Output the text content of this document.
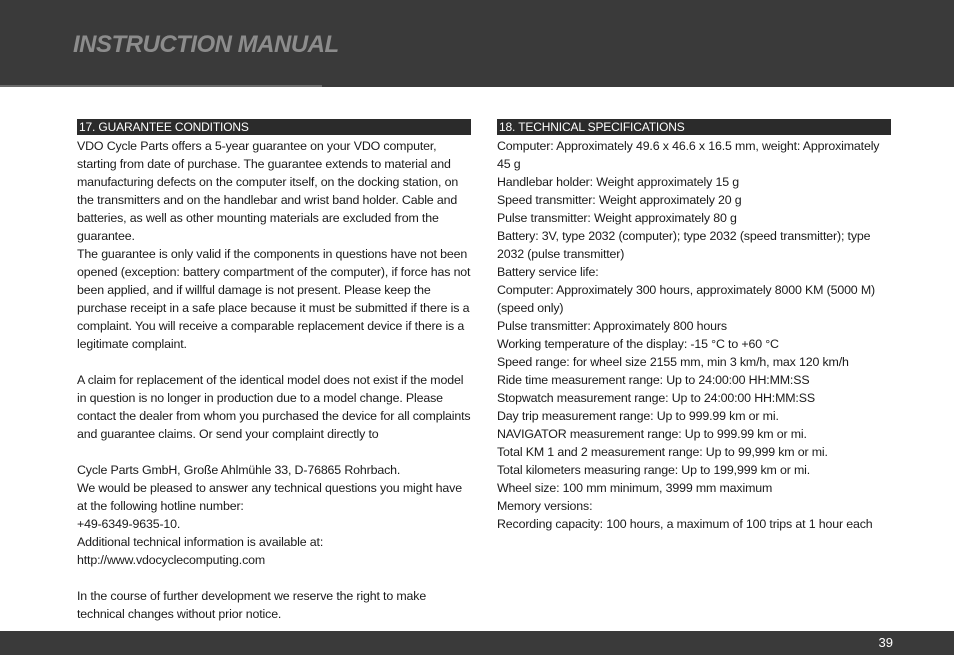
INSTRUCTION MANUAL
17. GUARANTEE CONDITIONS
VDO Cycle Parts offers a 5-year guarantee on your VDO computer, starting from date of purchase. The guarantee extends to material and manufacturing defects on the computer itself, on the docking station, on the transmitters and on the handlebar and wrist band holder. Cable and batteries, as well as other mounting materials are excluded from the guarantee.
The guarantee is only valid if the components in questions have not been opened (exception: battery compartment of the computer), if force has not been applied, and if willful damage is not present. Please keep the purchase receipt in a safe place because it must be submitted if there is a complaint. You will receive a comparable replacement device if there is a legitimate complaint.
A claim for replacement of the identical model does not exist if the model in question is no longer in production due to a model change. Please contact the dealer from whom you purchased the device for all complaints and guarantee claims. Or send your complaint directly to
Cycle Parts GmbH, Große Ahlmühle 33, D-76865 Rohrbach.
We would be pleased to answer any technical questions you might have at the following hotline number:
+49-6349-9635-10.
Additional technical information is available at:
http://www.vdocyclecomputing.com
In the course of further development we reserve the right to make technical changes without prior notice.
18. TECHNICAL SPECIFICATIONS
Computer: Approximately 49.6 x 46.6 x 16.5 mm, weight: Approximately 45 g
Handlebar holder: Weight approximately 15 g
Speed transmitter: Weight approximately 20 g
Pulse transmitter: Weight approximately 80 g
Battery: 3V, type 2032 (computer); type 2032 (speed transmitter); type 2032 (pulse transmitter)
Battery service life:
Computer: Approximately 300 hours, approximately 8000 KM (5000 M) (speed only)
Pulse transmitter: Approximately 800 hours
Working temperature of the display: -15 °C to +60 °C
Speed range: for wheel size 2155 mm, min 3 km/h, max 120 km/h
Ride time measurement range: Up to 24:00:00 HH:MM:SS
Stopwatch measurement range: Up to 24:00:00 HH:MM:SS
Day trip measurement range: Up to 999.99 km or mi.
NAVIGATOR measurement range: Up to 999.99 km or mi.
Total KM 1 and 2 measurement range: Up to 99,999 km or mi.
Total kilometers measuring range: Up to 199,999 km or mi.
Wheel size: 100 mm minimum, 3999 mm maximum
Memory versions:
Recording capacity: 100 hours, a maximum of 100 trips at 1 hour each
39
